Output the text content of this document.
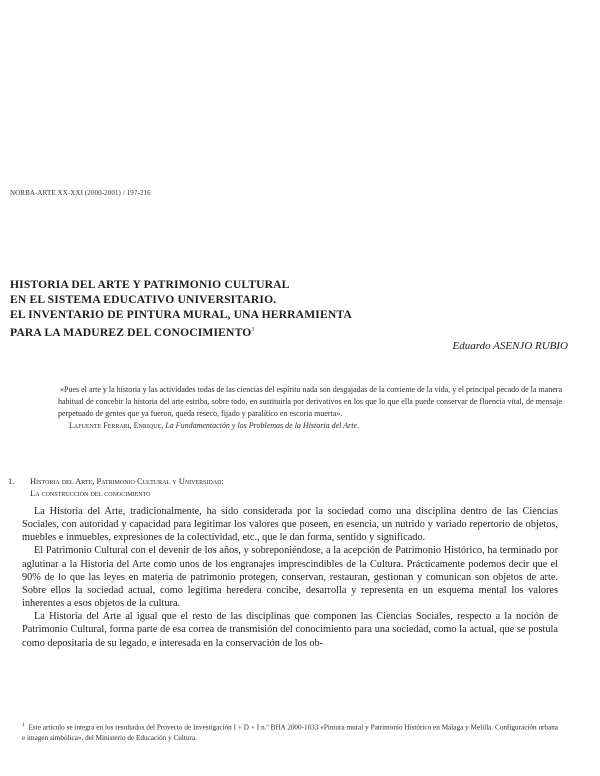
NORBA-ARTE XX-XXI (2000-2001) / 197-216
HISTORIA DEL ARTE Y PATRIMONIO CULTURAL
EN EL SISTEMA EDUCATIVO UNIVERSITARIO.
EL INVENTARIO DE PINTURA MURAL, UNA HERRAMIENTA
PARA LA MADUREZ DEL CONOCIMIENTO$^1$
Eduardo ASENJO RUBIO

«Pues el arte y la historia y las actividades todas de las ciencias del espíritu nada son desgajadas de la corriente de la vida, y el principal pecado de la manera habitual de concebir la historia del arte estriba, sobre todo, en sustituirla por derivativos en los que lo que ella puede conservar de fluencia vital, de mensaje perpetuado de gentes que ya fueron, queda reseco, fijado y paralítico en escoria muerta».

Lafuente Ferrari, Enrique, La Fundamentación y los Problemas de la Historia del Arte.

1. Historia del Arte, Patrimonio Cultural y Universidad:
La construcción del conocimiento

La Historia del Arte, tradicionalmente, ha sido considerada por la sociedad como una disciplina dentro de las Ciencias Sociales, con autoridad y capacidad para legitimar los valores que poseen, en esencia, un nutrido y variado repertorio de objetos, muebles e inmuebles, expresiones de la colectividad, etc., que le dan forma, sentido y significado.

El Patrimonio Cultural con el devenir de los años, y sobreponiéndose, a la acepción de Patrimonio Histórico, ha terminado por aglutinar a la Historia del Arte como unos de los engranajes imprescindibles de la Cultura. Prácticamente podemos decir que el 90% de lo que las leyes en materia de patrimonio protegen, conservan, restauran, gestionan y comunican son objetos de arte. Sobre ellos la sociedad actual, como legítima heredera concibe, desarrolla y representa en un esquema mental los valores inherentes a esos objetos de la cultura.

La Historia del Arte al igual que el resto de las disciplinas que componen las Ciencias Sociales, respecto a la noción de Patrimonio Cultural, forma parte de esa correa de transmisión del conocimiento para una sociedad, como la actual, que se postula como depositaria de su legado, e interesada en la conservación de los ob-

$^1$ Este artículo se integra en los resultados del Proyecto de Investigación I + D + I n.º BHA 2000-1033 «Pintura mural y Patrimonio Histórico en Málaga y Melilla. Configuración urbana e imagen simbólica», del Ministerio de Educación y Cultura.
